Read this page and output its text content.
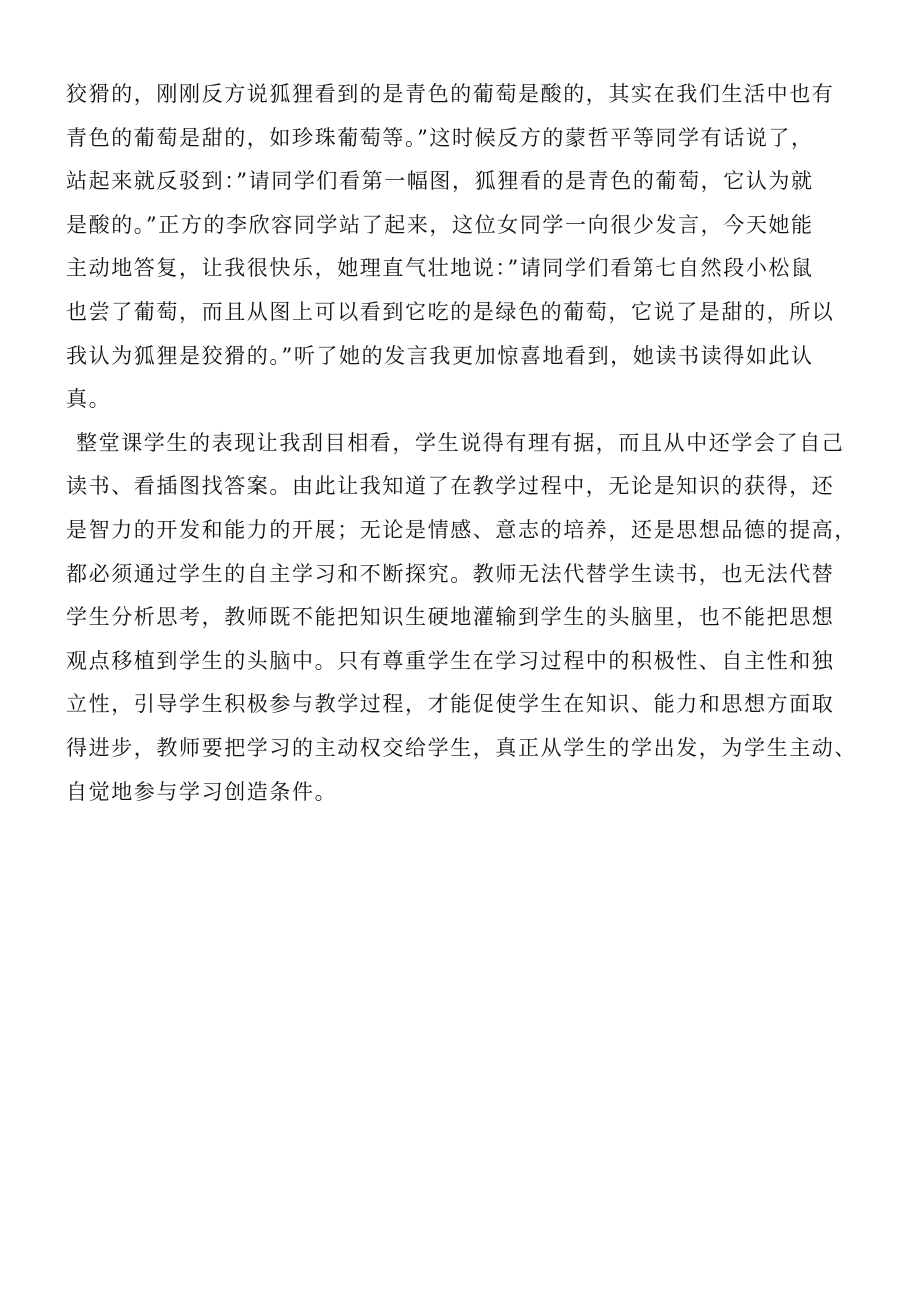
狡猾的，刚刚反方说狐狸看到的是青色的葡萄是酸的，其实在我们生活中也有
青色的葡萄是甜的，如珍珠葡萄等。”这时候反方的蒙哲平等同学有话说了，
站起来就反驳到：”请同学们看第一幅图，狐狸看的是青色的葡萄，它认为就
是酸的。”正方的李欣容同学站了起来，这位女同学一向很少发言，今天她能
主动地答复，让我很快乐，她理直气壮地说：”请同学们看第七自然段小松鼠
也尝了葡萄，而且从图上可以看到它吃的是绿色的葡萄，它说了是甜的，所以
我认为狐狸是狡猾的。”听了她的发言我更加惊喜地看到，她读书读得如此认
真。
整堂课学生的表现让我刮目相看，学生说得有理有据，而且从中还学会了自己
读书、看插图找答案。由此让我知道了在教学过程中，无论是知识的获得，还
是智力的开发和能力的开展；无论是情感、意志的培养，还是思想品德的提高，
都必须通过学生的自主学习和不断探究。教师无法代替学生读书，也无法代替
学生分析思考，教师既不能把知识生硬地灌输到学生的头脑里，也不能把思想
观点移植到学生的头脑中。只有尊重学生在学习过程中的积极性、自主性和独
立性，引导学生积极参与教学过程，才能促使学生在知识、能力和思想方面取
得进步，教师要把学习的主动权交给学生，真正从学生的学出发，为学生主动、
自觉地参与学习创造条件。
